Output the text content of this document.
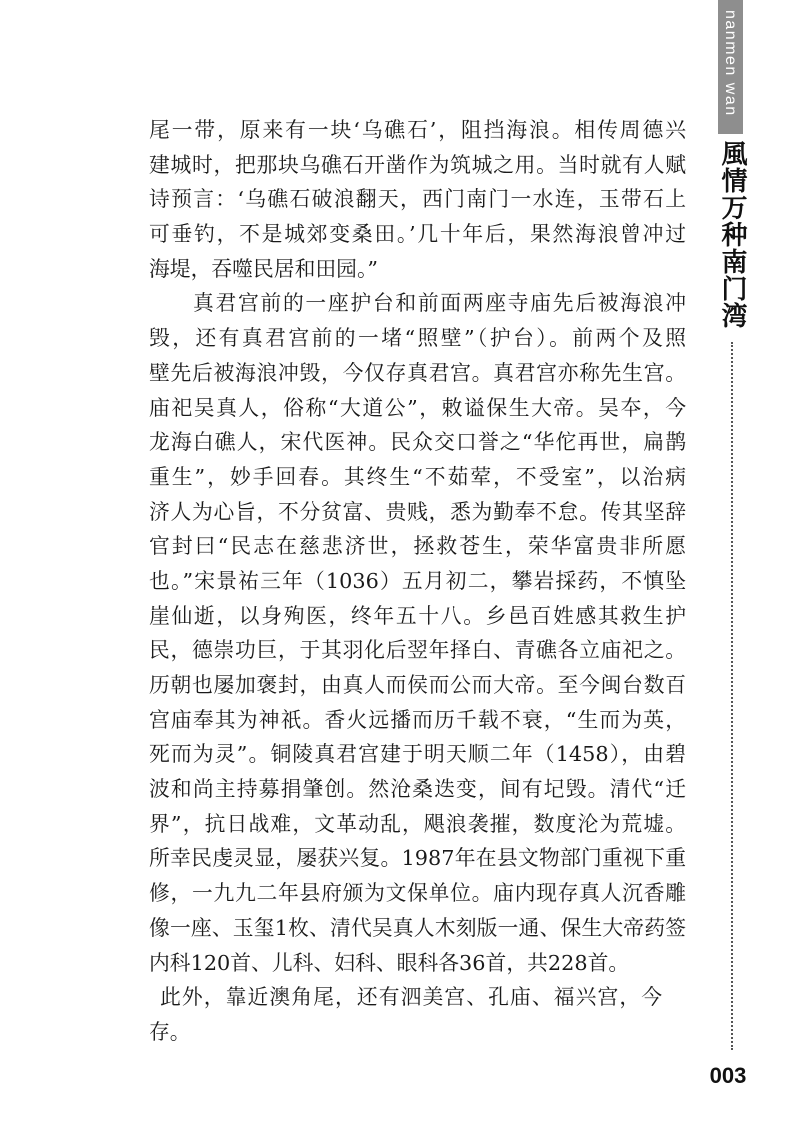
nanmen wan
風情万种南门湾
尾一带，原来有一块‘乌礁石’，阻挡海浪。相传周德兴
建城时，把那块乌礁石开凿作为筑城之用。当时就有人赋
诗预言：‘乌礁石破浪翻天，西门南门一水连，玉带石上
可垂钓，不是城郊变桑田。’几十年后，果然海浪曾冲过
海堤，吞噬民居和田园。”
真君宫前的一座护台和前面两座寺庙先后被海浪冲
毁，还有真君宫前的一堵“照壁”（护台）。前两个及照
壁先后被海浪冲毁，今仅存真君宫。真君宫亦称先生宫。
庙祀吴真人，俗称“大道公”，敕谥保生大帝。吴夲，今
龙海白礁人，宋代医神。民众交口誉之“华佗再世，扁鹊
重生”，妙手回春。其终生“不茹荤，不受室”，以治病
济人为心旨，不分贫富、贵贱，悉为勤奉不怠。传其坚辞
官封曰“民志在慈悲济世，拯救苍生，荣华富贵非所愿
也。”宋景祐三年（1036）五月初二，攀岩採药，不慎坠
崖仙逝，以身殉医，终年五十八。乡邑百姓感其救生护
民，德崇功巨，于其羽化后翌年择白、青礁各立庙祀之。
历朝也屡加褒封，由真人而侯而公而大帝。至今闽台数百
宫庙奉其为神祇。香火远播而历千载不衰，“生而为英，
死而为灵”。铜陵真君宫建于明天顺二年（1458），由碧
波和尚主持募捐肇创。然沧桑迭变，间有圮毁。清代“迁
界”，抗日战难，文革动乱，飓浪袭摧，数度沦为荒墟。
所幸民虔灵显，屡获兴复。1987年在县文物部门重视下重
修，一九九二年县府颁为文保单位。庙内现存真人沉香雕
像一座、玉玺1枚、清代吴真人木刻版一通、保生大帝药签
内科120首、儿科、妇科、眼科各36首，共228首。
此外，靠近澳角尾，还有泗美宫、孔庙、福兴宫，今
存。
003
